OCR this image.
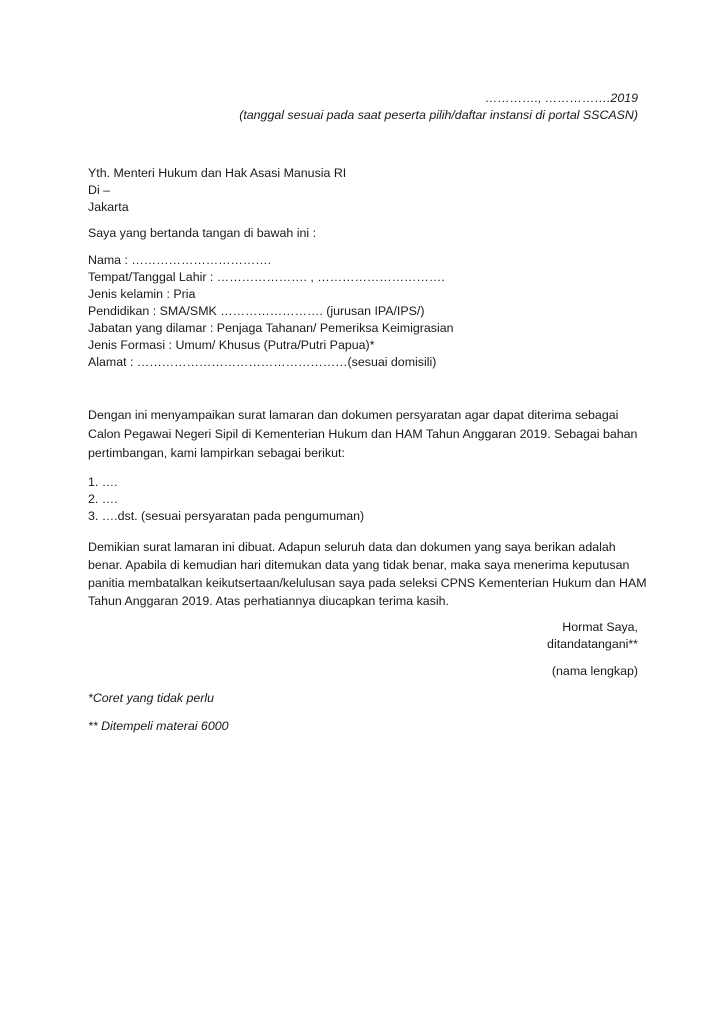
…………., …………….2019
(tanggal sesuai pada saat peserta pilih/daftar instansi di portal SSCASN)
Yth. Menteri Hukum dan Hak Asasi Manusia RI
Di –
Jakarta
Saya yang bertanda tangan di bawah ini :
Nama : …………………………….
Tempat/Tanggal Lahir : …………………. , ………………………….
Jenis kelamin : Pria
Pendidikan : SMA/SMK ……………………. (jurusan IPA/IPS/)
Jabatan yang dilamar : Penjaga Tahanan/ Pemeriksa Keimigrasian
Jenis Formasi : Umum/ Khusus (Putra/Putri Papua)*
Alamat : ……………………………………………(sesuai domisili)
Dengan ini menyampaikan surat lamaran dan dokumen persyaratan agar dapat diterima sebagai
Calon Pegawai Negeri Sipil di Kementerian Hukum dan HAM Tahun Anggaran 2019. Sebagai bahan
pertimbangan, kami lampirkan sebagai berikut:
1. ….
2. ….
3. ….dst. (sesuai persyaratan pada pengumuman)
Demikian surat lamaran ini dibuat. Adapun seluruh data dan dokumen yang saya berikan adalah
benar. Apabila di kemudian hari ditemukan data yang tidak benar, maka saya menerima keputusan
panitia membatalkan keikutsertaan/kelulusan saya pada seleksi CPNS Kementerian Hukum dan HAM
Tahun Anggaran 2019. Atas perhatiannya diucapkan terima kasih.
Hormat Saya,
ditandatangani**
(nama lengkap)
*Coret yang tidak perlu
** Ditempeli materai 6000
